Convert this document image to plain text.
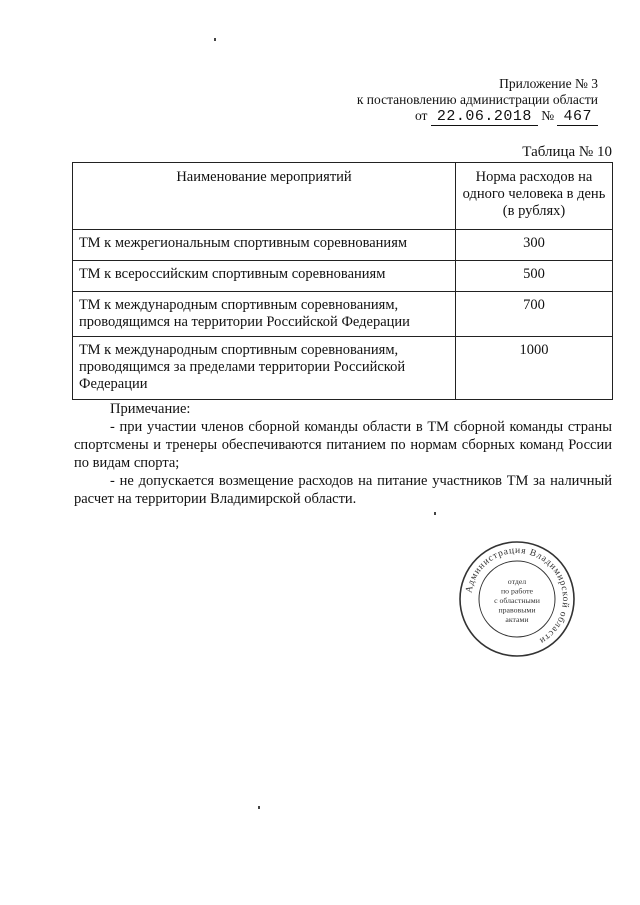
Приложение № 3
к постановлению администрации области
от 22.06.2018 № 467
Таблица № 10
Наименование мероприятий	Норма расходов на одного человека в день (в рублях)
ТМ к межрегиональным спортивным соревнованиям	300
ТМ к всероссийским спортивным соревнованиям	500
ТМ к международным спортивным соревнованиям, проводящимся на территории Российской Федерации	700
ТМ к международным спортивным соревнованиям, проводящимся за пределами территории Российской Федерации	1000
Примечание:

- при участии членов сборной команды области в ТМ сборной команды страны спортсмены и тренеры обеспечиваются питанием по нормам сборных команд России по видам спорта;

- не допускается возмещение расходов на питание участников ТМ за наличный расчет на территории Владимирской области.

Администрация Владимирской области
отдел
по работе
с областными
правовыми
актами
